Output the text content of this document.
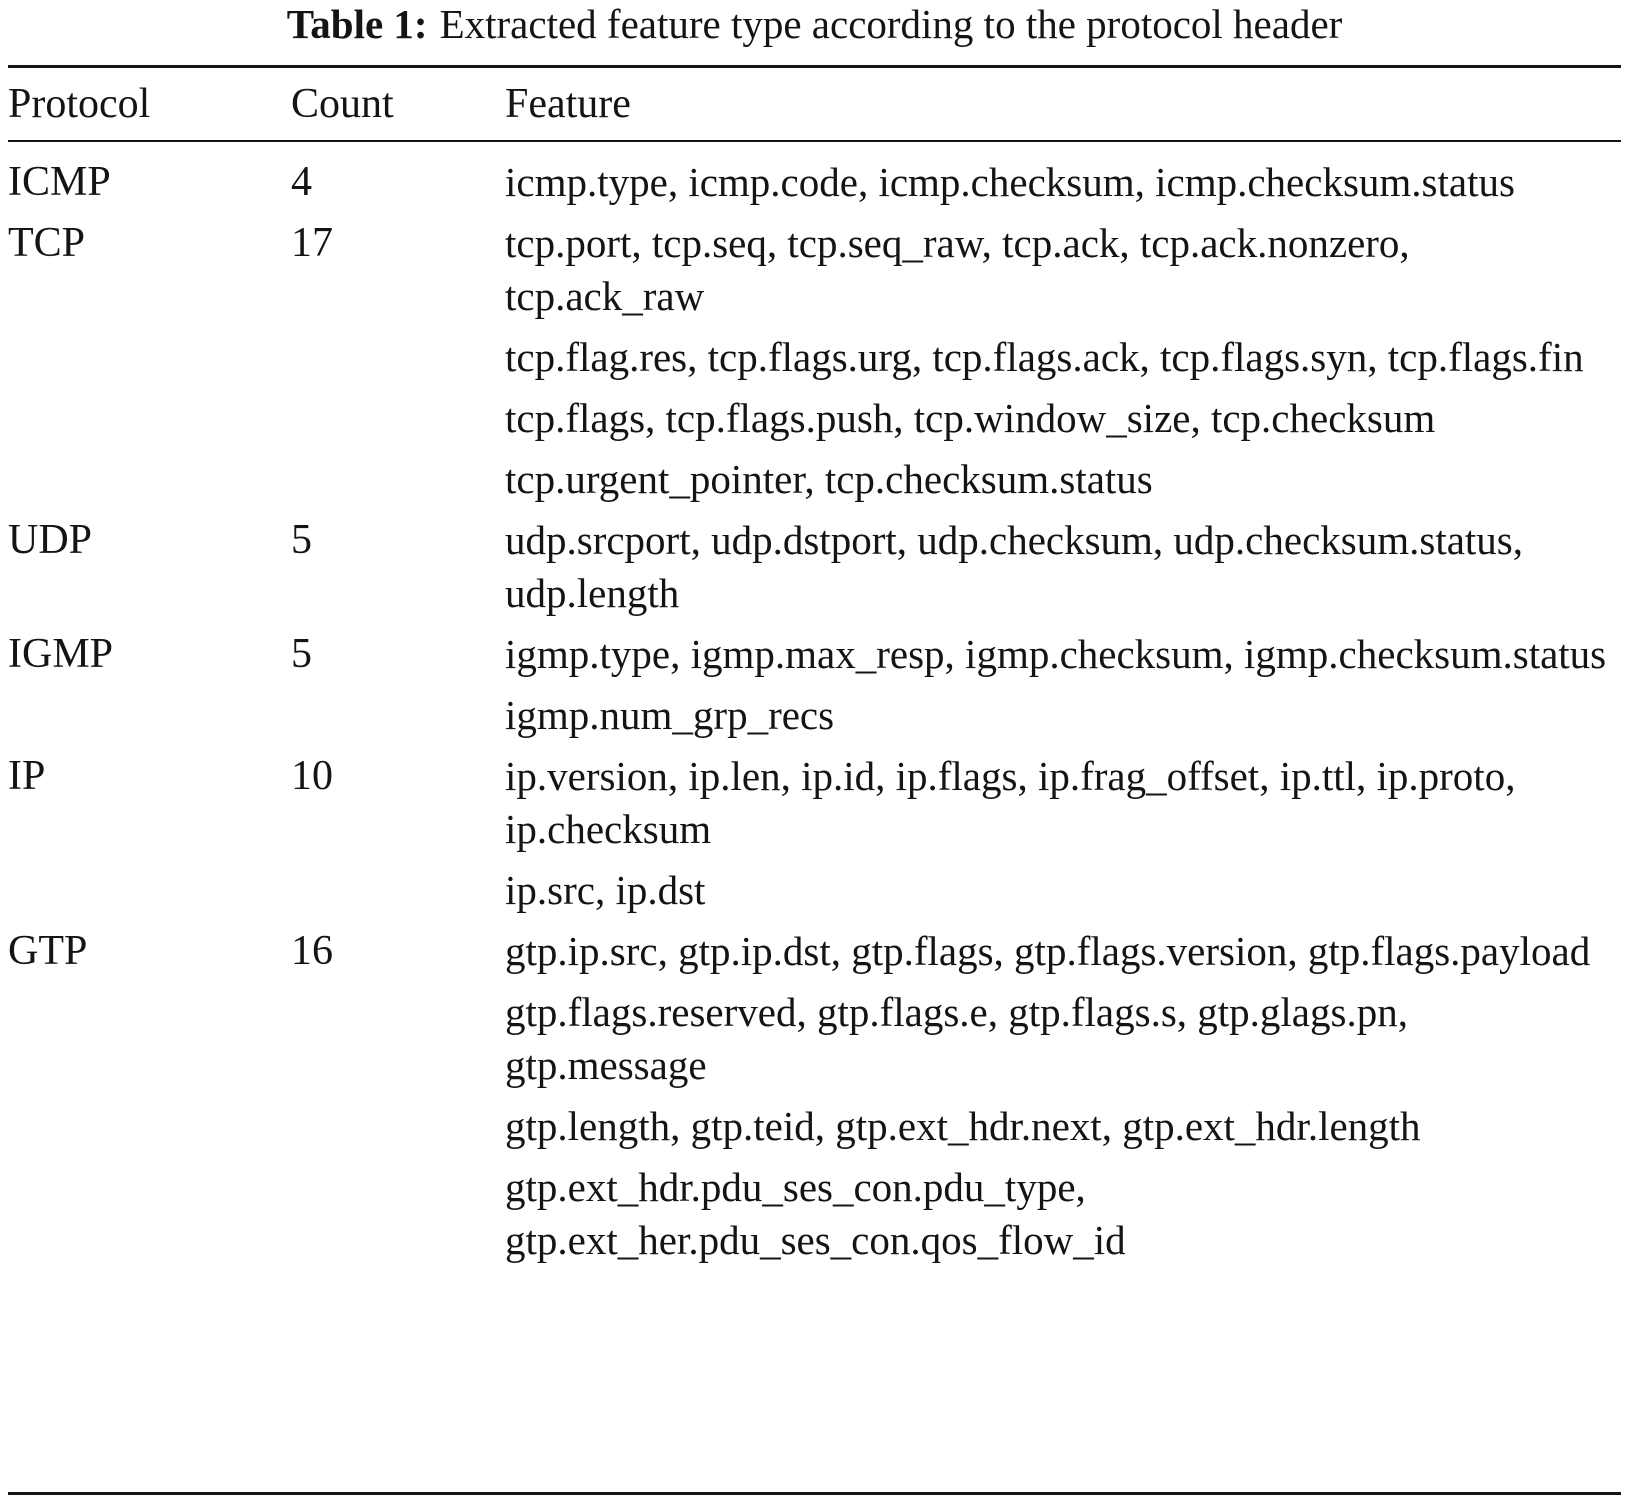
Table 1: Extracted feature type according to the protocol header
Protocol	Count	Feature
ICMP	4	icmp.type, icmp.code, icmp.checksum, icmp.checksum.status
TCP	17	tcp.port, tcp.seq, tcp.seq_raw, tcp.ack, tcp.ack.nonzero, tcp.ack_raw
tcp.flag.res, tcp.flags.urg, tcp.flags.ack, tcp.flags.syn, tcp.flags.fin
tcp.flags, tcp.flags.push, tcp.window_size, tcp.checksum
tcp.urgent_pointer, tcp.checksum.status
UDP	5	udp.srcport, udp.dstport, udp.checksum, udp.checksum.status, udp.length
IGMP	5	igmp.type, igmp.max_resp, igmp.checksum, igmp.checksum.status
igmp.num_grp_recs
IP	10	ip.version, ip.len, ip.id, ip.flags, ip.frag_offset, ip.ttl, ip.proto, ip.checksum
ip.src, ip.dst
GTP	16	gtp.ip.src, gtp.ip.dst, gtp.flags, gtp.flags.version, gtp.flags.payload
gtp.flags.reserved, gtp.flags.e, gtp.flags.s, gtp.glags.pn, gtp.message
gtp.length, gtp.teid, gtp.ext_hdr.next, gtp.ext_hdr.length
gtp.ext_hdr.pdu_ses_con.pdu_type, gtp.ext_her.pdu_ses_con.qos_flow_id
